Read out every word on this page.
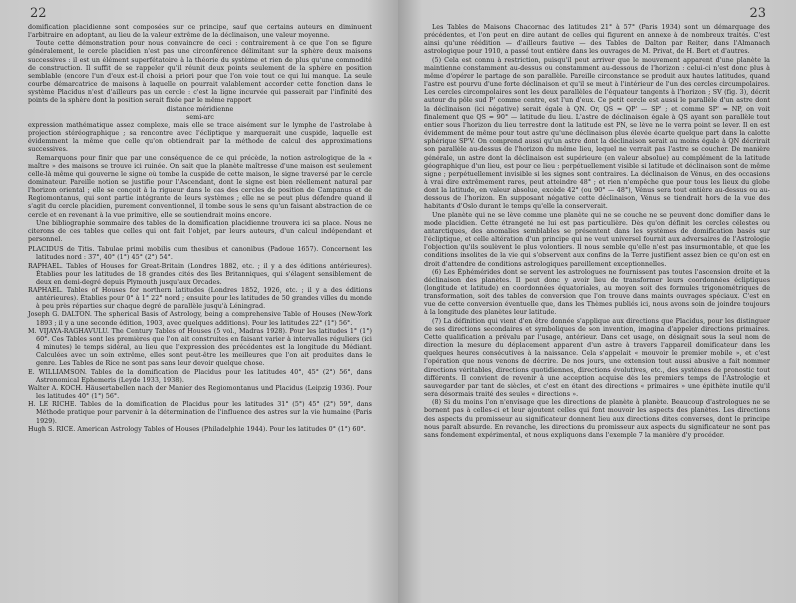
22

domification placidienne sont composées sur ce principe, sauf que certains auteurs en diminuent l'arbitraire en adoptant, au lieu de la valeur extrême de la déclinaison, une valeur moyenne.

Toute cette démonstration pour nous convaincre de ceci : contrairement à ce que l'on se figure généralement, le cercle placidien n'est pas une circonférence délimitant sur la sphère deux maisons successives : il est un élément superfétatoire à la théorie du système et rien de plus qu'une commodité de construction. Il suffit de se rappeler qu'il réunit deux points seulement de la sphère en position semblable (encore l'un d'eux est-il choisi a priori pour que l'on voie tout ce qui lui manque. La seule courbe démarcatrice de maisons à laquelle on pourrait valablement accorder cette fonction dans le système Placidus n'est d'ailleurs pas un cercle : c'est la ligne incurvée qui passerait par l'infinité des points de la sphère dont la position serait fixée par le même rapport

distance méridienne

semi-arc

expression mathématique assez complexe, mais elle se trace aisément sur le lymphe de l'astrolabe à projection stéréographique ; sa rencontre avec l'écliptique y marquerait une cuspide, laquelle est évidemment la même que celle qu'on obtiendrait par la méthode de calcul des approximations successives.

Remarquons pour finir que par une conséquence de ce qui précède, la notion astrologique de la « maître » des maisons se trouve ici ruinée. On sait que la planète maîtresse d'une maison est seulement celle-là même qui gouverne le signe où tombe la cuspide de cette maison, le signe traversé par le cercle dominateur. Pareille notion se justifie pour l'Ascendant, dont le signe est bien réellement natural par l'horizon oriental ; elle se conçoit à la rigueur dans le cas des cercles de position de Campanus et de Regiomontanus, qui sont partie intégrante de leurs systèmes ; elle ne se peut plus défendre quand il s'agit du cercle placidien, purement conventionnel, il tombe sous le sens qu'un faisant abstraction de ce cercle et en revenant à la vue primitive, elle se soutiendrait moins encore.

Une bibliographie sommaire des tables de la domification placidienne trouvera ici sa place. Nous ne citerons de ces tables que celles qui ont fait l'objet, par leurs auteurs, d'un calcul indépendant et personnel.

PLACIDUS de Titis. Tabulae primi mobilis cum thesibus et canonibus (Padoue 1657). Concernent les latitudes nord : 37°, 40° (1°) 45° (2°) 54°.

RAPHAEL. Tables of Houses for Great-Britain (Londres 1882, etc. ; il y a des éditions antérieures). Établies pour les latitudes de 18 grandes cités des îles Britanniques, qui s'élagent sensiblement de deux en demi-degré depuis Plymouth jusqu'aux Orcades.

RAPHAEL. Tables of Houses for northern latitudes (Londres 1852, 1926, etc. ; il y a des éditions antérieures). Établies pour 0° à 1° 22° nord ; ensuite pour les latitudes de 50 grandes villes du monde à peu près réparties sur chaque degré de parallèle jusqu'à Léningrad.

Joseph G. DALTON. The spherical Basis of Astrology, being a comprehensive Table of Houses (New-York 1893 ; il y a une seconde édition, 1903, avec quelques additions). Pour les latitudes 22° (1°) 56°.

M. VIJAYA-RAGHAVULU. The Century Tables of Houses (5 vol., Madras 1928). Pour les latitudes 1° (1°) 60°. Ces Tables sont les premières que l'on ait construites en faisant varier à intervalles réguliers (ici 4 minutes) le temps sidéral, au lieu que l'expression des précédentes est la longitude du Médiant. Calculées avec un soin extrême, elles sont peut-être les meilleures que l'on ait produites dans le genre. Les Tables de Rice ne sont pas sans leur devoir quelque chose.

E. WILLIAMSON. Tables de la domification de Placidus pour les latitudes 40°, 45° (2°) 56°, dans Astronomical Ephemeris (Leyde 1933, 1938).

Walter A. KOCH. Häusertabellen nach der Manier des Regiomontanus und Placidus (Leipzig 1936). Pour les latitudes 40° (1°) 56°.

H. LE RICHE. Tables de la domification de Placidus pour les latitudes 31° (5°) 45° (2°) 59°, dans Méthode pratique pour parvenir à la détermination de l'influence des astres sur la vie humaine (Paris 1929).

Hugh S. RICE. American Astrology Tables of Houses (Philadelphie 1944). Pour les latitudes 0° (1°) 60°.

23

Les Tables de Maisons Chacornac des latitudes 21° à 57° (Paris 1934) sont un démarquage des précédentes, et l'on peut en dire autant de celles qui figurent en annexe à de nombreux traités. C'est ainsi qu'une réédition — d'ailleurs fautive — des Tables de Dalton par Reiter, dans l'Almanach astrologique pour 1910, a passé tout entière dans les ouvrages de M. Privat, de H. Bert et d'autres.

(5) Cela est connu à restriction, puisqu'il peut arriver que le mouvement apparent d'une planète la maintienne constamment au-dessus ou constamment au-dessous de l'horizon : celui-ci n'est donc plus à même d'opérer le partage de son parallèle. Pareille circonstance se produit aux hautes latitudes, quand l'astre est pourvu d'une forte déclinaison et qu'il se meut à l'intérieur de l'un des cercles circumpolaires. Les cercles circompolaires sont les deux parallèles de l'équateur tangents à l'horizon ; SV (fig. 3), décrit autour du pôle sud P' comme centre, est l'un d'eux. Ce petit cercle est aussi le parallèle d'un astre dont la déclinaison (ici négative) serait égale à QN. Or, QS = QP' — SP' ; et comme SP' = NP, on voit finalement que QS = 90° — latitude du lieu. L'astre de déclinaison égale à QS ayant son parallèle tout entier sous l'horizon du lieu terrestre dont la latitude est PN, se lève ne le verra point se lever. Il en est évidemment de même pour tout astre qu'une déclinaison plus élevée écarte quelque part dans la calotte sphérique SP'V. On comprend aussi qu'un astre dont la déclinaison serait au moins égale à QN décrirait son parallèle au-dessus de l'horizon du même lieu, lequel ne verrait pas l'astre se coucher. De manière générale, un astre dont la déclinaison est supérieure (en valeur absolue) au complément de la latitude géographique d'un lieu, est pour ce lieu : perpétuellement visible si latitude et déclinaison sont de même signe ; perpétuellement invisible si les signes sont contraires. La déclinaison de Vénus, en des occasions à vrai dire extrêmement rares, peut atteindre 48° ; et rien n'empêche que pour tous les lieux du globe dont la latitude, en valeur absolue, excède 42° (ou 90° — 48°), Vénus sera tout entière au-dessus ou au-dessous de l'horizon. En supposant négative cette déclinaison, Vénus se tiendrait hors de la vue des habitants d'Oslo durant le temps qu'elle la conserverait.

Une planète qui ne se lève comme une planète qui ne se couche ne se peuvent donc domifier dans le mode placidien. Cette étrangeté ne lui est pas particulière. Dès qu'on définit les cercles célestes ou antarctiques, des anomalies semblables se présentent dans les systèmes de domification basés sur l'écliptique, et celle altération d'un principe qui ne veut universel fournit aux adversaires de l'Astrologie l'objection qu'ils soulèvent le plus volontiers. Il nous semble qu'elle n'est pas insurmontable, et que les conditions insolites de la vie qui s'observent aux confins de la Terre justifient assez bien ce qu'on est en droit d'attendre de conditions astrologiques pareillement exceptionnelles.

(6) Les Éphémérides dont se servent les astrologues ne fournissent pas toutes l'ascension droite et la déclinaison des planètes. Il peut donc y avoir lieu de transformer leurs coordonnées écliptiques (longitude et latitude) en coordonnées équatoriales, au moyen soit des formules trigonométriques de transformation, soit des tables de conversion que l'on trouve dans maints ouvrages spéciaux. C'est en vue de cette conversion éventuelle que, dans les Thèmes publiés ici, nous avons soin de joindre toujours à la longitude des planètes leur latitude.

(7) La définition qui vient d'en être donnée s'applique aux directions que Placidus, pour les distinguer de ses directions secondaires et symboliques de son invention, imagina d'appeler directions primaires. Cette qualification a prévalu par l'usage, antérieur. Dans cet usage, on désignait sous la seul nom de direction la mesure du déplacement apparent d'un astre à travers l'appareil domificateur dans les quelques heures consécutives à la naissance. Cela s'appelait « mouvoir le premier mobile », et c'est l'opération que nous venons de décrire. De nos jours, une extension tout aussi abusive a fait nommer directions véritables, directions quotidiennes, directions évolutives, etc., des systèmes de pronostic tout différents. Il convient de revenir à une acception acquise dès les premiers temps de l'Astrologie et sauvegarder par tant de siècles, et c'est en étant des directions « primaires » une épithète inutile qu'il sera désormais traité des seules « directions ».

(8) Si du moins l'on n'envisage que les directions de planète à planète. Beaucoup d'astrologues ne se bornent pas à celles-ci et leur ajoutent celles qui font mouvoir les aspects des planètes. Les directions des aspects du promisseur au significateur donnent lieu aux directions dites converses, dont le principe nous paraît absurde. En revanche, les directions du promisseur aux aspects du significateur ne sont pas sans fondement expérimental, et nous expliquons dans l'exemple 7 la manière d'y procéder.
